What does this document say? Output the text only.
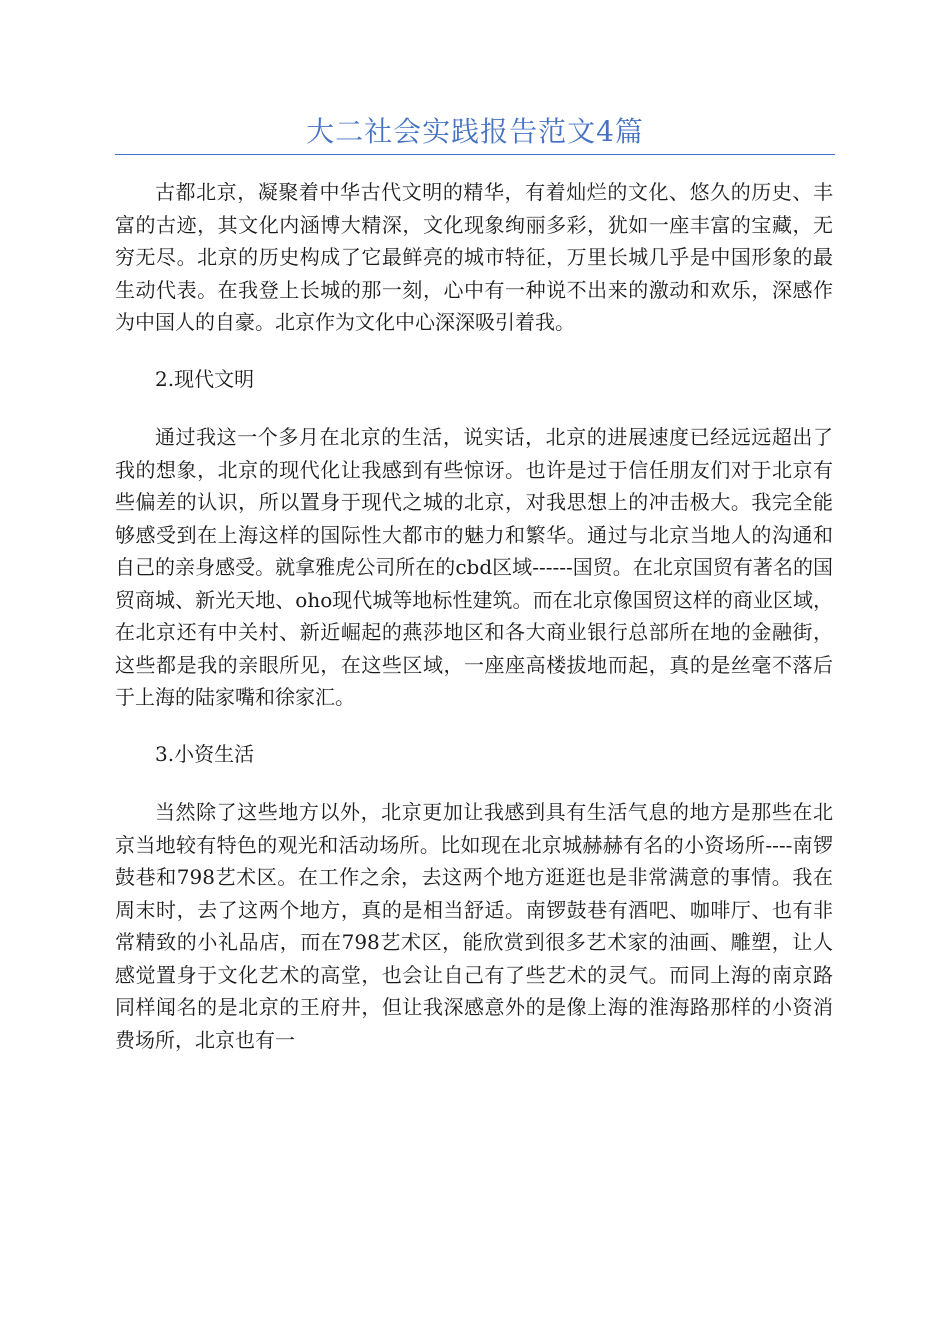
大二社会实践报告范文4篇

古都北京，凝聚着中华古代文明的精华，有着灿烂的文化、悠久的历史、丰富的古迹，其文化内涵博大精深，文化现象绚丽多彩，犹如一座丰富的宝藏，无穷无尽。北京的历史构成了它最鲜亮的城市特征，万里长城几乎是中国形象的最生动代表。在我登上长城的那一刻，心中有一种说不出来的激动和欢乐，深感作为中国人的自豪。北京作为文化中心深深吸引着我。

2.现代文明

通过我这一个多月在北京的生活，说实话，北京的进展速度已经远远超出了我的想象，北京的现代化让我感到有些惊讶。也许是过于信任朋友们对于北京有些偏差的认识，所以置身于现代之城的北京，对我思想上的冲击极大。我完全能够感受到在上海这样的国际性大都市的魅力和繁华。通过与北京当地人的沟通和自己的亲身感受。就拿雅虎公司所在的cbd区域------国贸。在北京国贸有著名的国贸商城、新光天地、oho现代城等地标性建筑。而在北京像国贸这样的商业区域，在北京还有中关村、新近崛起的燕莎地区和各大商业银行总部所在地的金融街，这些都是我的亲眼所见，在这些区域，一座座高楼拔地而起，真的是丝毫不落后于上海的陆家嘴和徐家汇。

3.小资生活

当然除了这些地方以外，北京更加让我感到具有生活气息的地方是那些在北京当地较有特色的观光和活动场所。比如现在北京城赫赫有名的小资场所----南锣鼓巷和798艺术区。在工作之余，去这两个地方逛逛也是非常满意的事情。我在周末时，去了这两个地方，真的是相当舒适。南锣鼓巷有酒吧、咖啡厅、也有非常精致的小礼品店，而在798艺术区，能欣赏到很多艺术家的油画、雕塑，让人感觉置身于文化艺术的高堂，也会让自己有了些艺术的灵气。而同上海的南京路同样闻名的是北京的王府井，但让我深感意外的是像上海的淮海路那样的小资消费场所，北京也有一
